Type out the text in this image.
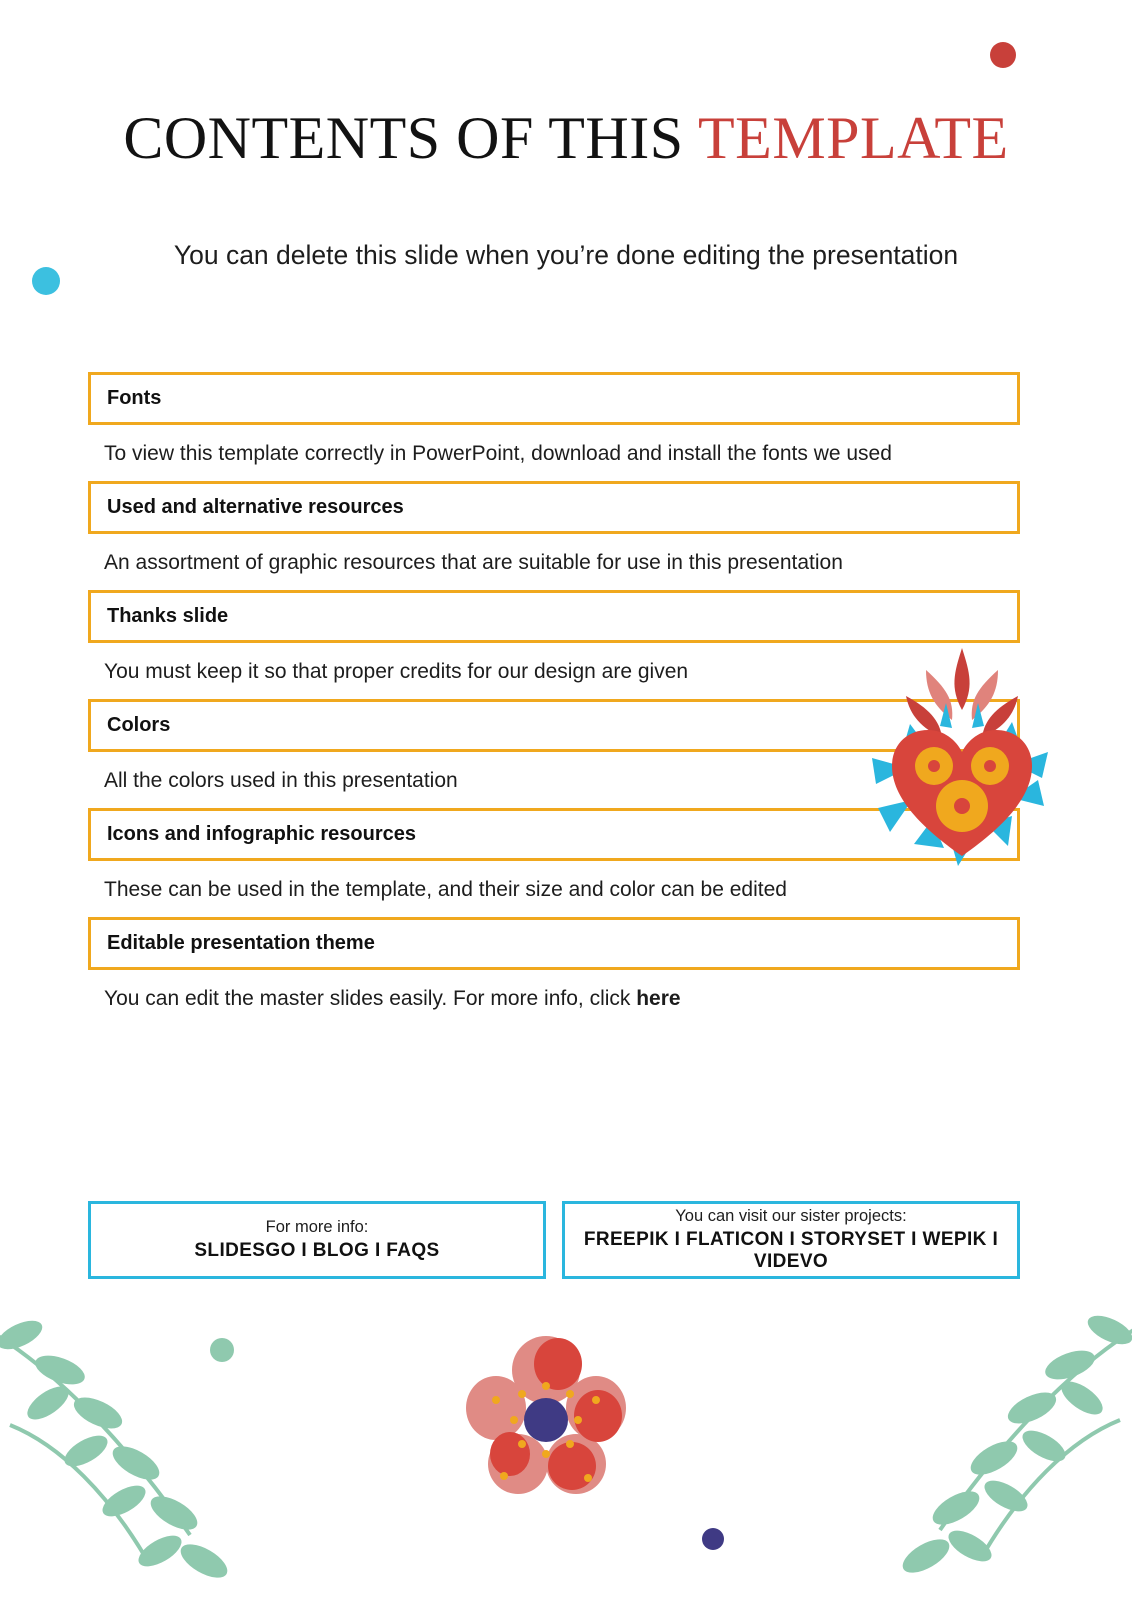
CONTENTS OF THIS TEMPLATE
You can delete this slide when you’re done editing the presentation
Fonts
To view this template correctly in PowerPoint, download and install the fonts we used
Used and alternative resources
An assortment of graphic resources that are suitable for use in this presentation
Thanks slide
You must keep it so that proper credits for our design are given
Colors
All the colors used in this presentation
Icons and infographic resources
These can be used in the template, and their size and color can be edited
Editable presentation theme
You can edit the master slides easily. For more info, click here
For more info:
SLIDESGO I BLOG I FAQS
You can visit our sister projects:
FREEPIK I FLATICON I STORYSET I WEPIK I VIDEVO
